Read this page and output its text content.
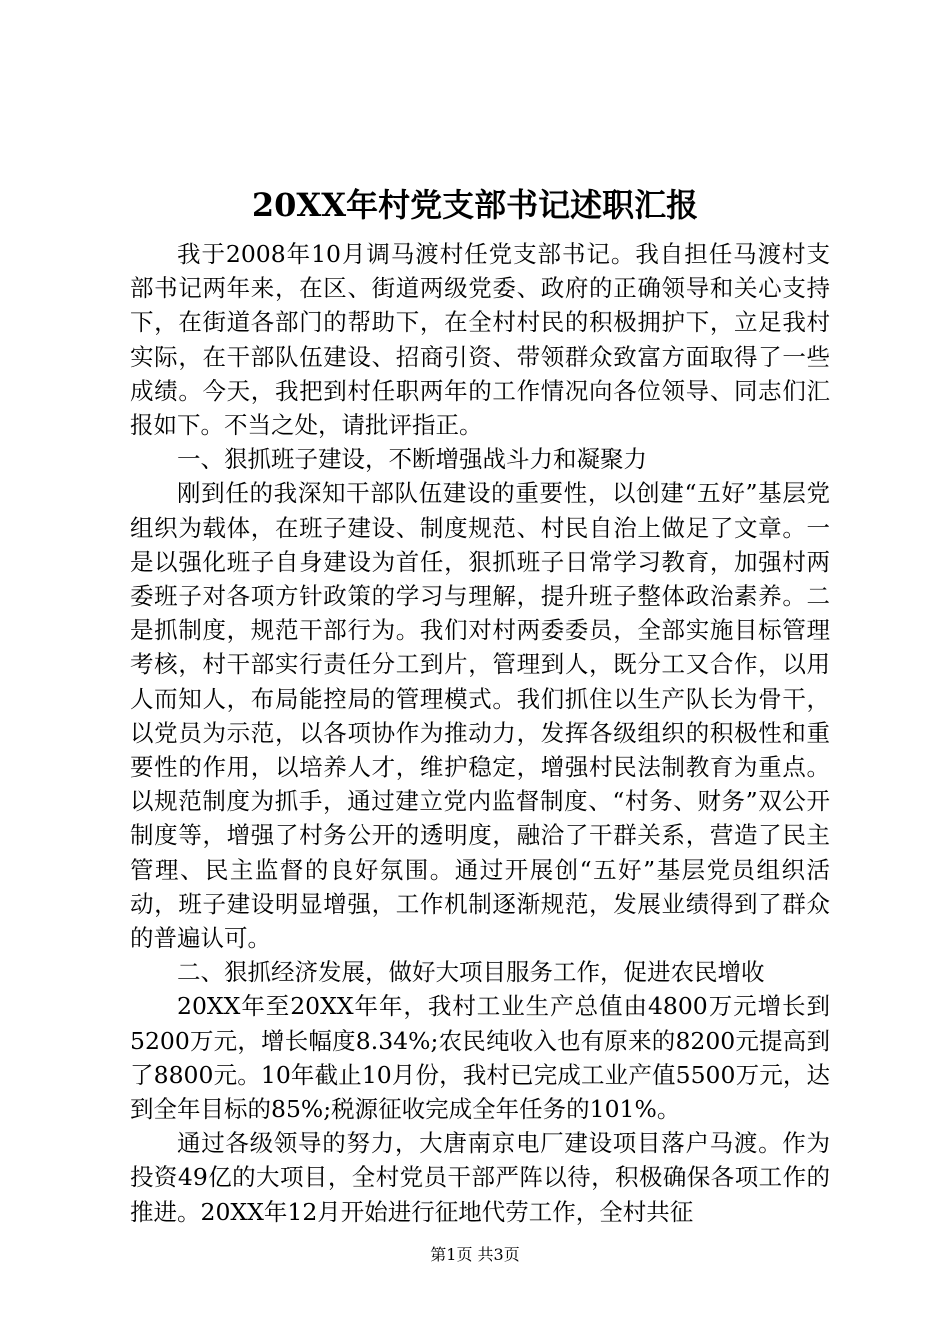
20XX年村党支部书记述职汇报

我于2008年10月调马渡村任党支部书记。我自担任马渡村支部书记两年来，在区、街道两级党委、政府的正确领导和关心支持下，在街道各部门的帮助下，在全村村民的积极拥护下，立足我村实际，在干部队伍建设、招商引资、带领群众致富方面取得了一些成绩。今天，我把到村任职两年的工作情况向各位领导、同志们汇报如下。不当之处，请批评指正。

一、狠抓班子建设，不断增强战斗力和凝聚力

刚到任的我深知干部队伍建设的重要性，以创建“五好”基层党组织为载体，在班子建设、制度规范、村民自治上做足了文章。一是以强化班子自身建设为首任，狠抓班子日常学习教育，加强村两委班子对各项方针政策的学习与理解，提升班子整体政治素养。二是抓制度，规范干部行为。我们对村两委委员，全部实施目标管理考核，村干部实行责任分工到片，管理到人，既分工又合作，以用人而知人，布局能控局的管理模式。我们抓住以生产队长为骨干，以党员为示范，以各项协作为推动力，发挥各级组织的积极性和重要性的作用，以培养人才，维护稳定，增强村民法制教育为重点。以规范制度为抓手，通过建立党内监督制度、“村务、财务”双公开制度等，增强了村务公开的透明度，融洽了干群关系，营造了民主管理、民主监督的良好氛围。通过开展创“五好”基层党员组织活动，班子建设明显增强，工作机制逐渐规范，发展业绩得到了群众的普遍认可。

二、狠抓经济发展，做好大项目服务工作，促进农民增收

20XX年至20XX年年，我村工业生产总值由4800万元增长到5200万元，增长幅度8.34%;农民纯收入也有原来的8200元提高到了8800元。10年截止10月份，我村已完成工业产值5500万元，达到全年目标的85%;税源征收完成全年任务的101%。

通过各级领导的努力，大唐南京电厂建设项目落户马渡。作为投资49亿的大项目，全村党员干部严阵以待，积极确保各项工作的推进。20XX年12月开始进行征地代劳工作，全村共征

第1页 共3页
